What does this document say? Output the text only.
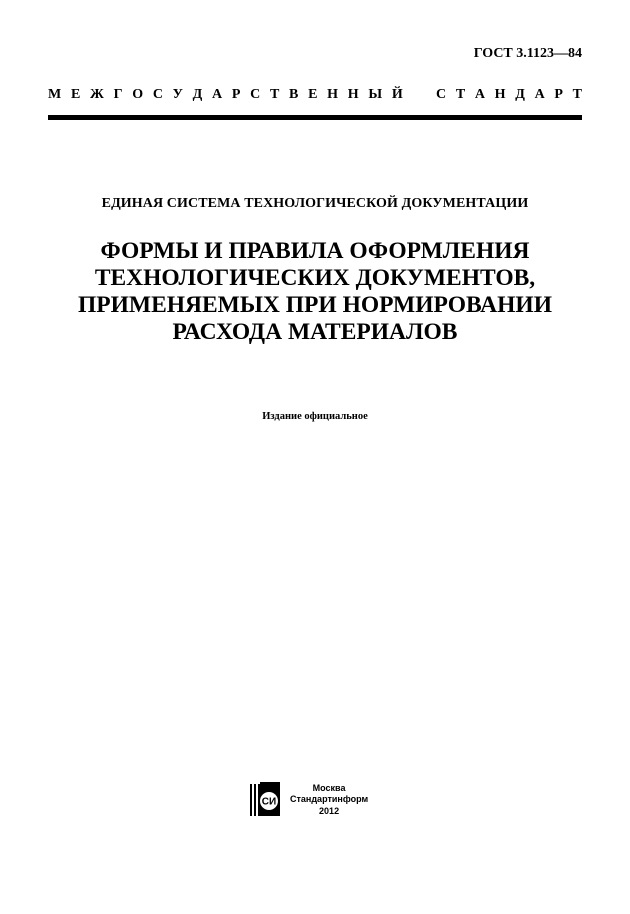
ГОСТ 3.1123—84
М Е Ж Г О С У Д А Р С Т В Е Н Н Ы Й С Т А Н Д А Р Т
ЕДИНАЯ СИСТЕМА ТЕХНОЛОГИЧЕСКОЙ ДОКУМЕНТАЦИИ
ФОРМЫ И ПРАВИЛА ОФОРМЛЕНИЯ
ТЕХНОЛОГИЧЕСКИХ ДОКУМЕНТОВ,
ПРИМЕНЯЕМЫХ ПРИ НОРМИРОВАНИИ
РАСХОДА МАТЕРИАЛОВ
Издание официальное
СИ
Москва
Стандартинформ
2012
